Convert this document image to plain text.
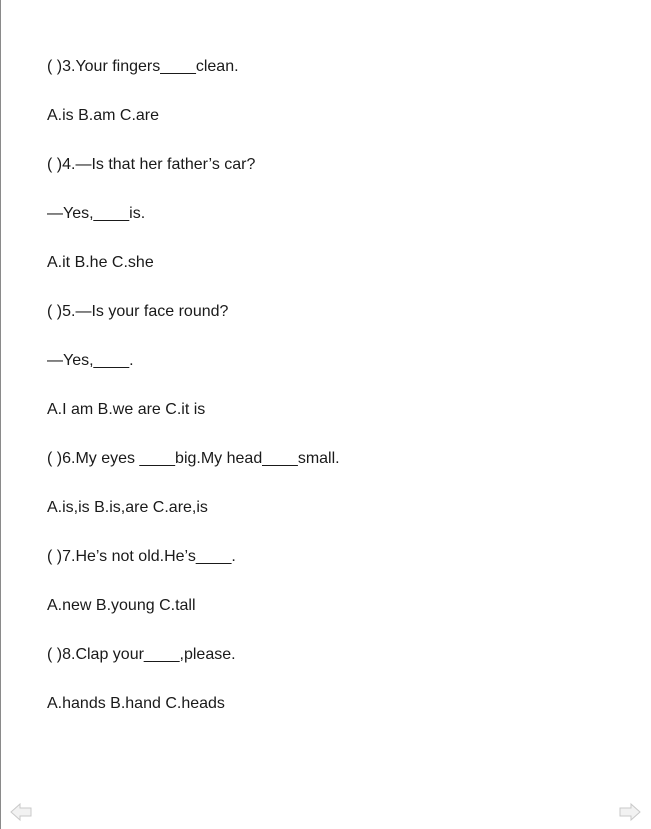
( )3.Your fingers____clean.
A.is B.am C.are
( )4.—Is that her father’s car?
—Yes,____is.
A.it B.he C.she
( )5.—Is your face round?
—Yes,____.
A.I am B.we are C.it is
( )6.My eyes ____big.My head____small.
A.is,is B.is,are C.are,is
( )7.He’s not old.He’s____.
A.new B.young C.tall
( )8.Clap your____,please.
A.hands B.hand C.heads
